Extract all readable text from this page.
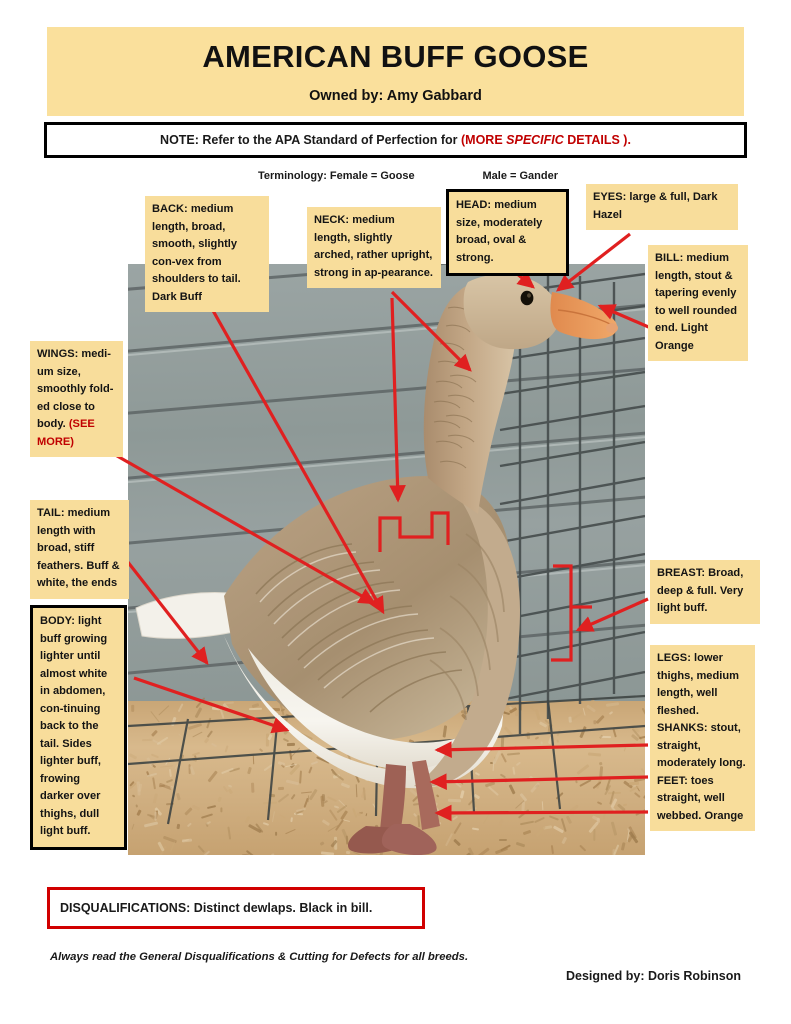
AMERICAN BUFF GOOSE
Owned by: Amy Gabbard
NOTE: Refer to the APA Standard of Perfection for (MORE SPECIFIC DETAILS ).
Terminology: Female = Goose	Male = Gander
BACK: medium length, broad, smooth, slightly con-vex from shoulders to tail. Dark Buff
NECK: medium length, slightly arched, rather upright, strong in ap-pearance.
HEAD: medium size, moderately broad, oval & strong.
EYES: large & full, Dark Hazel
BILL: medium length, stout & tapering evenly to well rounded end. Light Orange
WINGS: medi-um size, smoothly fold-ed close to body. (SEE MORE)
TAIL: medium length with broad, stiff feathers. Buff & white, the ends
BODY: light buff growing lighter until almost white in abdomen, con-tinuing back to the tail. Sides lighter buff, frowing darker over thighs, dull light buff.
BREAST: Broad, deep & full. Very light buff.
LEGS: lower thighs, medium length, well fleshed. SHANKS: stout, straight, moderately long. FEET: toes straight, well webbed. Orange
DISQUALIFICATIONS: Distinct dewlaps. Black in bill.
Always read the General Disqualifications & Cutting for Defects for all breeds.
Designed by: Doris Robinson
